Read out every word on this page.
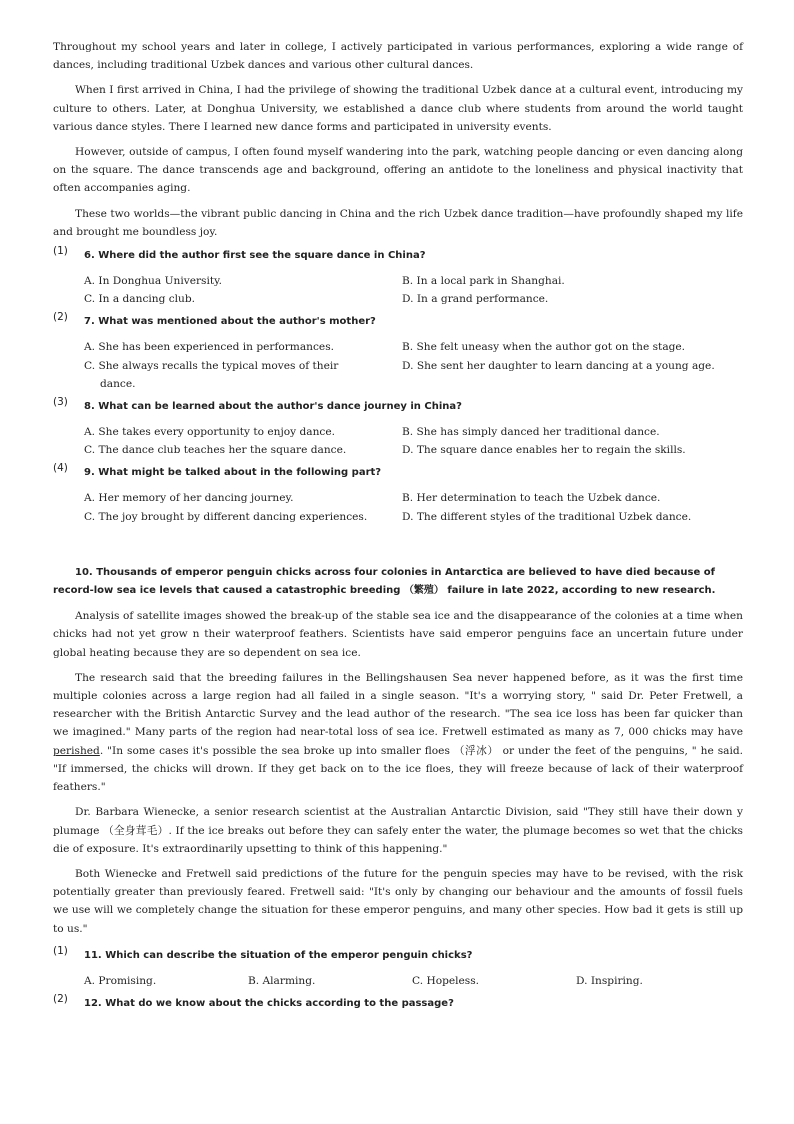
Throughout my school years and later in college, I actively participated in various performances, exploring a wide range of dances, including traditional Uzbek dances and various other cultural dances.

When I first arrived in China, I had the privilege of showing the traditional Uzbek dance at a cultural event, introducing my culture to others. Later, at Donghua University, we established a dance club where students from around the world taught various dance styles. There I learned new dance forms and participated in university events.

However, outside of campus, I often found myself wandering into the park, watching people dancing or even dancing along on the square. The dance transcends age and background, offering an antidote to the loneliness and physical inactivity that often accompanies aging.

These two worlds—the vibrant public dancing in China and the rich Uzbek dance tradition—have profoundly shaped my life and brought me boundless joy.

(1) 6. Where did the author first see the square dance in China?
A. In Donghua University.	B. In a local park in Shanghai.
C. In a dancing club.	D. In a grand performance.
(2) 7. What was mentioned about the author's mother?
A. She has been experienced in performances.	B. She felt uneasy when the author got on the stage.
C. She always recalls the typical moves of their dance.
D. She sent her daughter to learn dancing at a young age.
(3) 8. What can be learned about the author's dance journey in China?
A. She takes every opportunity to enjoy dance.	B. She has simply danced her traditional dance.
C. The dance club teaches her the square dance.	D. The square dance enables her to regain the skills.
(4) 9. What might be talked about in the following part?
A. Her memory of her dancing journey.	B. Her determination to teach the Uzbek dance.
C. The joy brought by different dancing experiences.	D. The different styles of the traditional Uzbek dance.

10. Thousands of emperor penguin chicks across four colonies in Antarctica are believed to have died because of record-low sea ice levels that caused a catastrophic breeding （繁殖） failure in late 2022, according to new research.

Analysis of satellite images showed the break-up of the stable sea ice and the disappearance of the colonies at a time when chicks had not yet grow n their waterproof feathers. Scientists have said emperor penguins face an uncertain future under global heating because they are so dependent on sea ice.

The research said that the breeding failures in the Bellingshausen Sea never happened before, as it was the first time multiple colonies across a large region had all failed in a single season. "It's a worrying story, " said Dr. Peter Fretwell, a researcher with the British Antarctic Survey and the lead author of the research. "The sea ice loss has been far quicker than we imagined." Many parts of the region had near-total loss of sea ice. Fretwell estimated as many as 7, 000 chicks may have perished. "In some cases it's possible the sea broke up into smaller floes （浮冰） or under the feet of the penguins, " he said. "If immersed, the chicks will drown. If they get back on to the ice floes, they will freeze because of lack of their waterproof feathers."

Dr. Barbara Wienecke, a senior research scientist at the Australian Antarctic Division, said "They still have their down y plumage （全身茸毛）. If the ice breaks out before they can safely enter the water, the plumage becomes so wet that the chicks die of exposure. It's extraordinarily upsetting to think of this happening."

Both Wienecke and Fretwell said predictions of the future for the penguin species may have to be revised, with the risk potentially greater than previously feared. Fretwell said: "It's only by changing our behaviour and the amounts of fossil fuels we use will we completely change the situation for these emperor penguins, and many other species. How bad it gets is still up to us."

(1) 11. Which can describe the situation of the emperor penguin chicks?
A. Promising.	B. Alarming.	C. Hopeless.	D. Inspiring.
(2) 12. What do we know about the chicks according to the passage?
